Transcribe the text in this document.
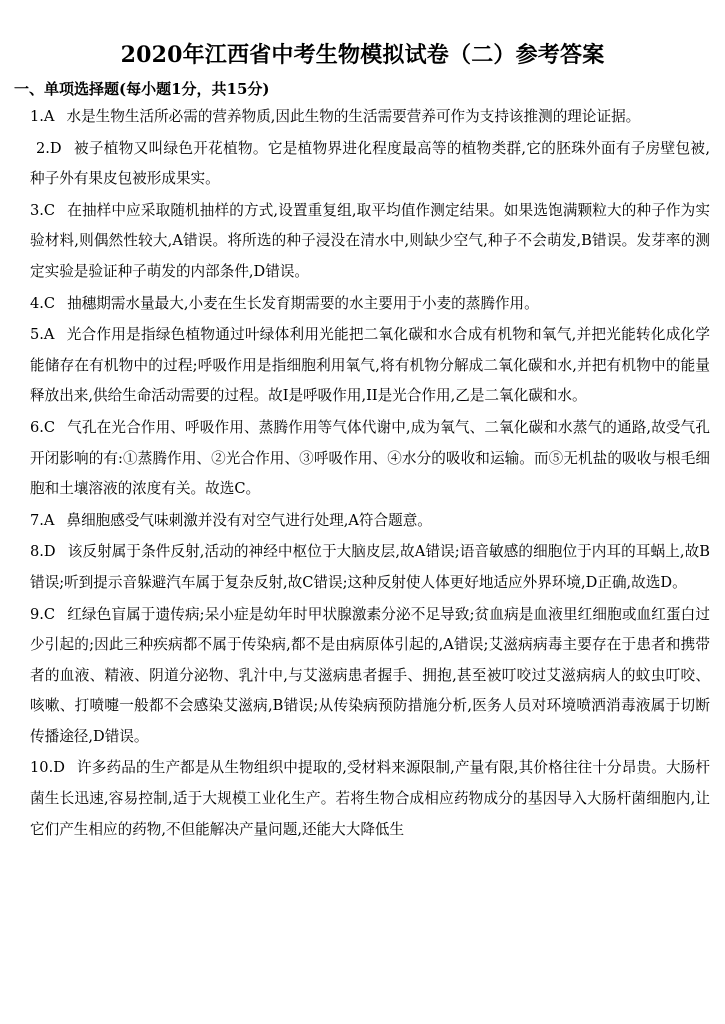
2020年江西省中考生物模拟试卷（二）参考答案
一、单项选择题(每小题1分，共15分)

1.A 水是生物生活所必需的营养物质,因此生物的生活需要营养可作为支持该推测的理论证据。

2.D 被子植物又叫绿色开花植物。它是植物界进化程度最高等的植物类群,它的胚珠外面有子房壁包被,种子外有果皮包被形成果实。

3.C 在抽样中应采取随机抽样的方式,设置重复组,取平均值作测定结果。如果选饱满颗粒大的种子作为实验材料,则偶然性较大,A错误。将所选的种子浸没在清水中,则缺少空气,种子不会萌发,B错误。发芽率的测定实验是验证种子萌发的内部条件,D错误。

4.C 抽穗期需水量最大,小麦在生长发育期需要的水主要用于小麦的蒸腾作用。

5.A 光合作用是指绿色植物通过叶绿体利用光能把二氧化碳和水合成有机物和氧气,并把光能转化成化学能储存在有机物中的过程;呼吸作用是指细胞利用氧气,将有机物分解成二氧化碳和水,并把有机物中的能量释放出来,供给生命活动需要的过程。故I是呼吸作用,II是光合作用,乙是二氧化碳和水。

6.C 气孔在光合作用、呼吸作用、蒸腾作用等气体代谢中,成为氧气、二氧化碳和水蒸气的通路,故受气孔开闭影响的有:①蒸腾作用、②光合作用、③呼吸作用、④水分的吸收和运输。而⑤无机盐的吸收与根毛细胞和土壤溶液的浓度有关。故选C。

7.A 鼻细胞感受气味刺激并没有对空气进行处理,A符合题意。

8.D 该反射属于条件反射,活动的神经中枢位于大脑皮层,故A错误;语音敏感的细胞位于内耳的耳蜗上,故B错误;听到提示音躲避汽车属于复杂反射,故C错误;这种反射使人体更好地适应外界环境,D正确,故选D。

9.C 红绿色盲属于遗传病;呆小症是幼年时甲状腺激素分泌不足导致;贫血病是血液里红细胞或血红蛋白过少引起的;因此三种疾病都不属于传染病,都不是由病原体引起的,A错误;艾滋病病毒主要存在于患者和携带者的血液、精液、阴道分泌物、乳汁中,与艾滋病患者握手、拥抱,甚至被叮咬过艾滋病病人的蚊虫叮咬、咳嗽、打喷嚏一般都不会感染艾滋病,B错误;从传染病预防措施分析,医务人员对环境喷洒消毒液属于切断传播途径,D错误。

10.D 许多药品的生产都是从生物组织中提取的,受材料来源限制,产量有限,其价格往往十分昂贵。大肠杆菌生长迅速,容易控制,适于大规模工业化生产。若将生物合成相应药物成分的基因导入大肠杆菌细胞内,让它们产生相应的药物,不但能解决产量问题,还能大大降低生
